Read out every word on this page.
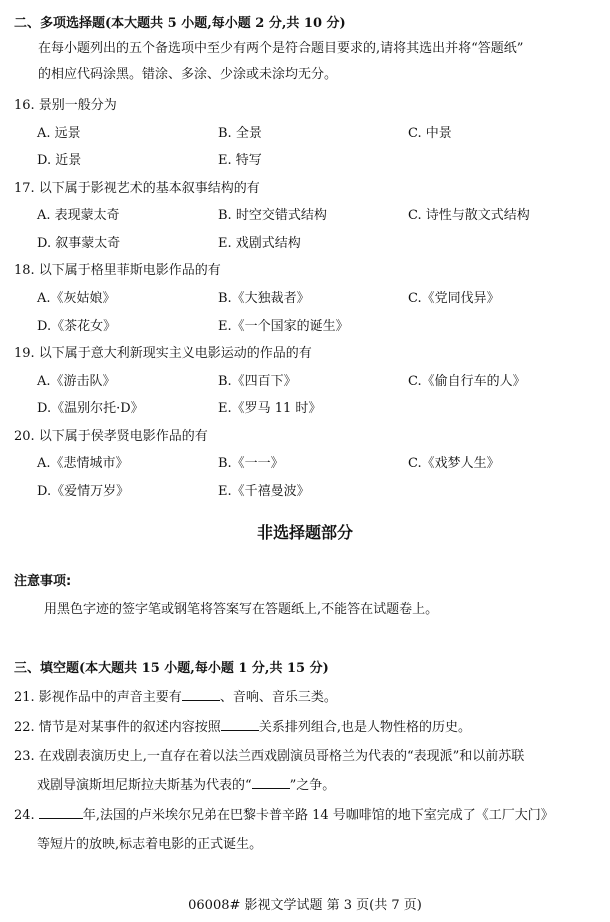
二、多项选择题(本大题共 5 小题,每小题 2 分,共 10 分)
在每小题列出的五个备选项中至少有两个是符合题目要求的,请将其选出并将“答题纸”
的相应代码涂黑。错涂、多涂、少涂或未涂均无分。
16. 景别一般分为
A. 远景	B. 全景	C. 中景
D. 近景	E. 特写
17. 以下属于影视艺术的基本叙事结构的有
A. 表现蒙太奇	B. 时空交错式结构	C. 诗性与散文式结构
D. 叙事蒙太奇	E. 戏剧式结构
18. 以下属于格里菲斯电影作品的有
A.《灰姑娘》	B.《大独裁者》	C.《党同伐异》
D.《茶花女》	E.《一个国家的诞生》
19. 以下属于意大利新现实主义电影运动的作品的有
A.《游击队》	B.《四百下》	C.《偷自行车的人》
D.《温别尔托·D》	E.《罗马 11 时》
20. 以下属于侯孝贤电影作品的有
A.《悲情城市》	B.《一一》	C.《戏梦人生》
D.《爱情万岁》	E.《千禧曼波》
非选择题部分
注意事项:
用黑色字迹的签字笔或钢笔将答案写在答题纸上,不能答在试题卷上。
三、填空题(本大题共 15 小题,每小题 1 分,共 15 分)
21. 影视作品中的声音主要有	、音响、音乐三类。
22. 情节是对某事件的叙述内容按照	关系排列组合,也是人物性格的历史。
23. 在戏剧表演历史上,一直存在着以法兰西戏剧演员哥格兰为代表的“表现派”和以前苏联
戏剧导演斯坦尼斯拉夫斯基为代表的“	”之争。
24.	年,法国的卢米埃尔兄弟在巴黎卡普辛路 14 号咖啡馆的地下室完成了《工厂大门》
等短片的放映,标志着电影的正式诞生。
06008# 影视文学试题 第 3 页(共 7 页)
